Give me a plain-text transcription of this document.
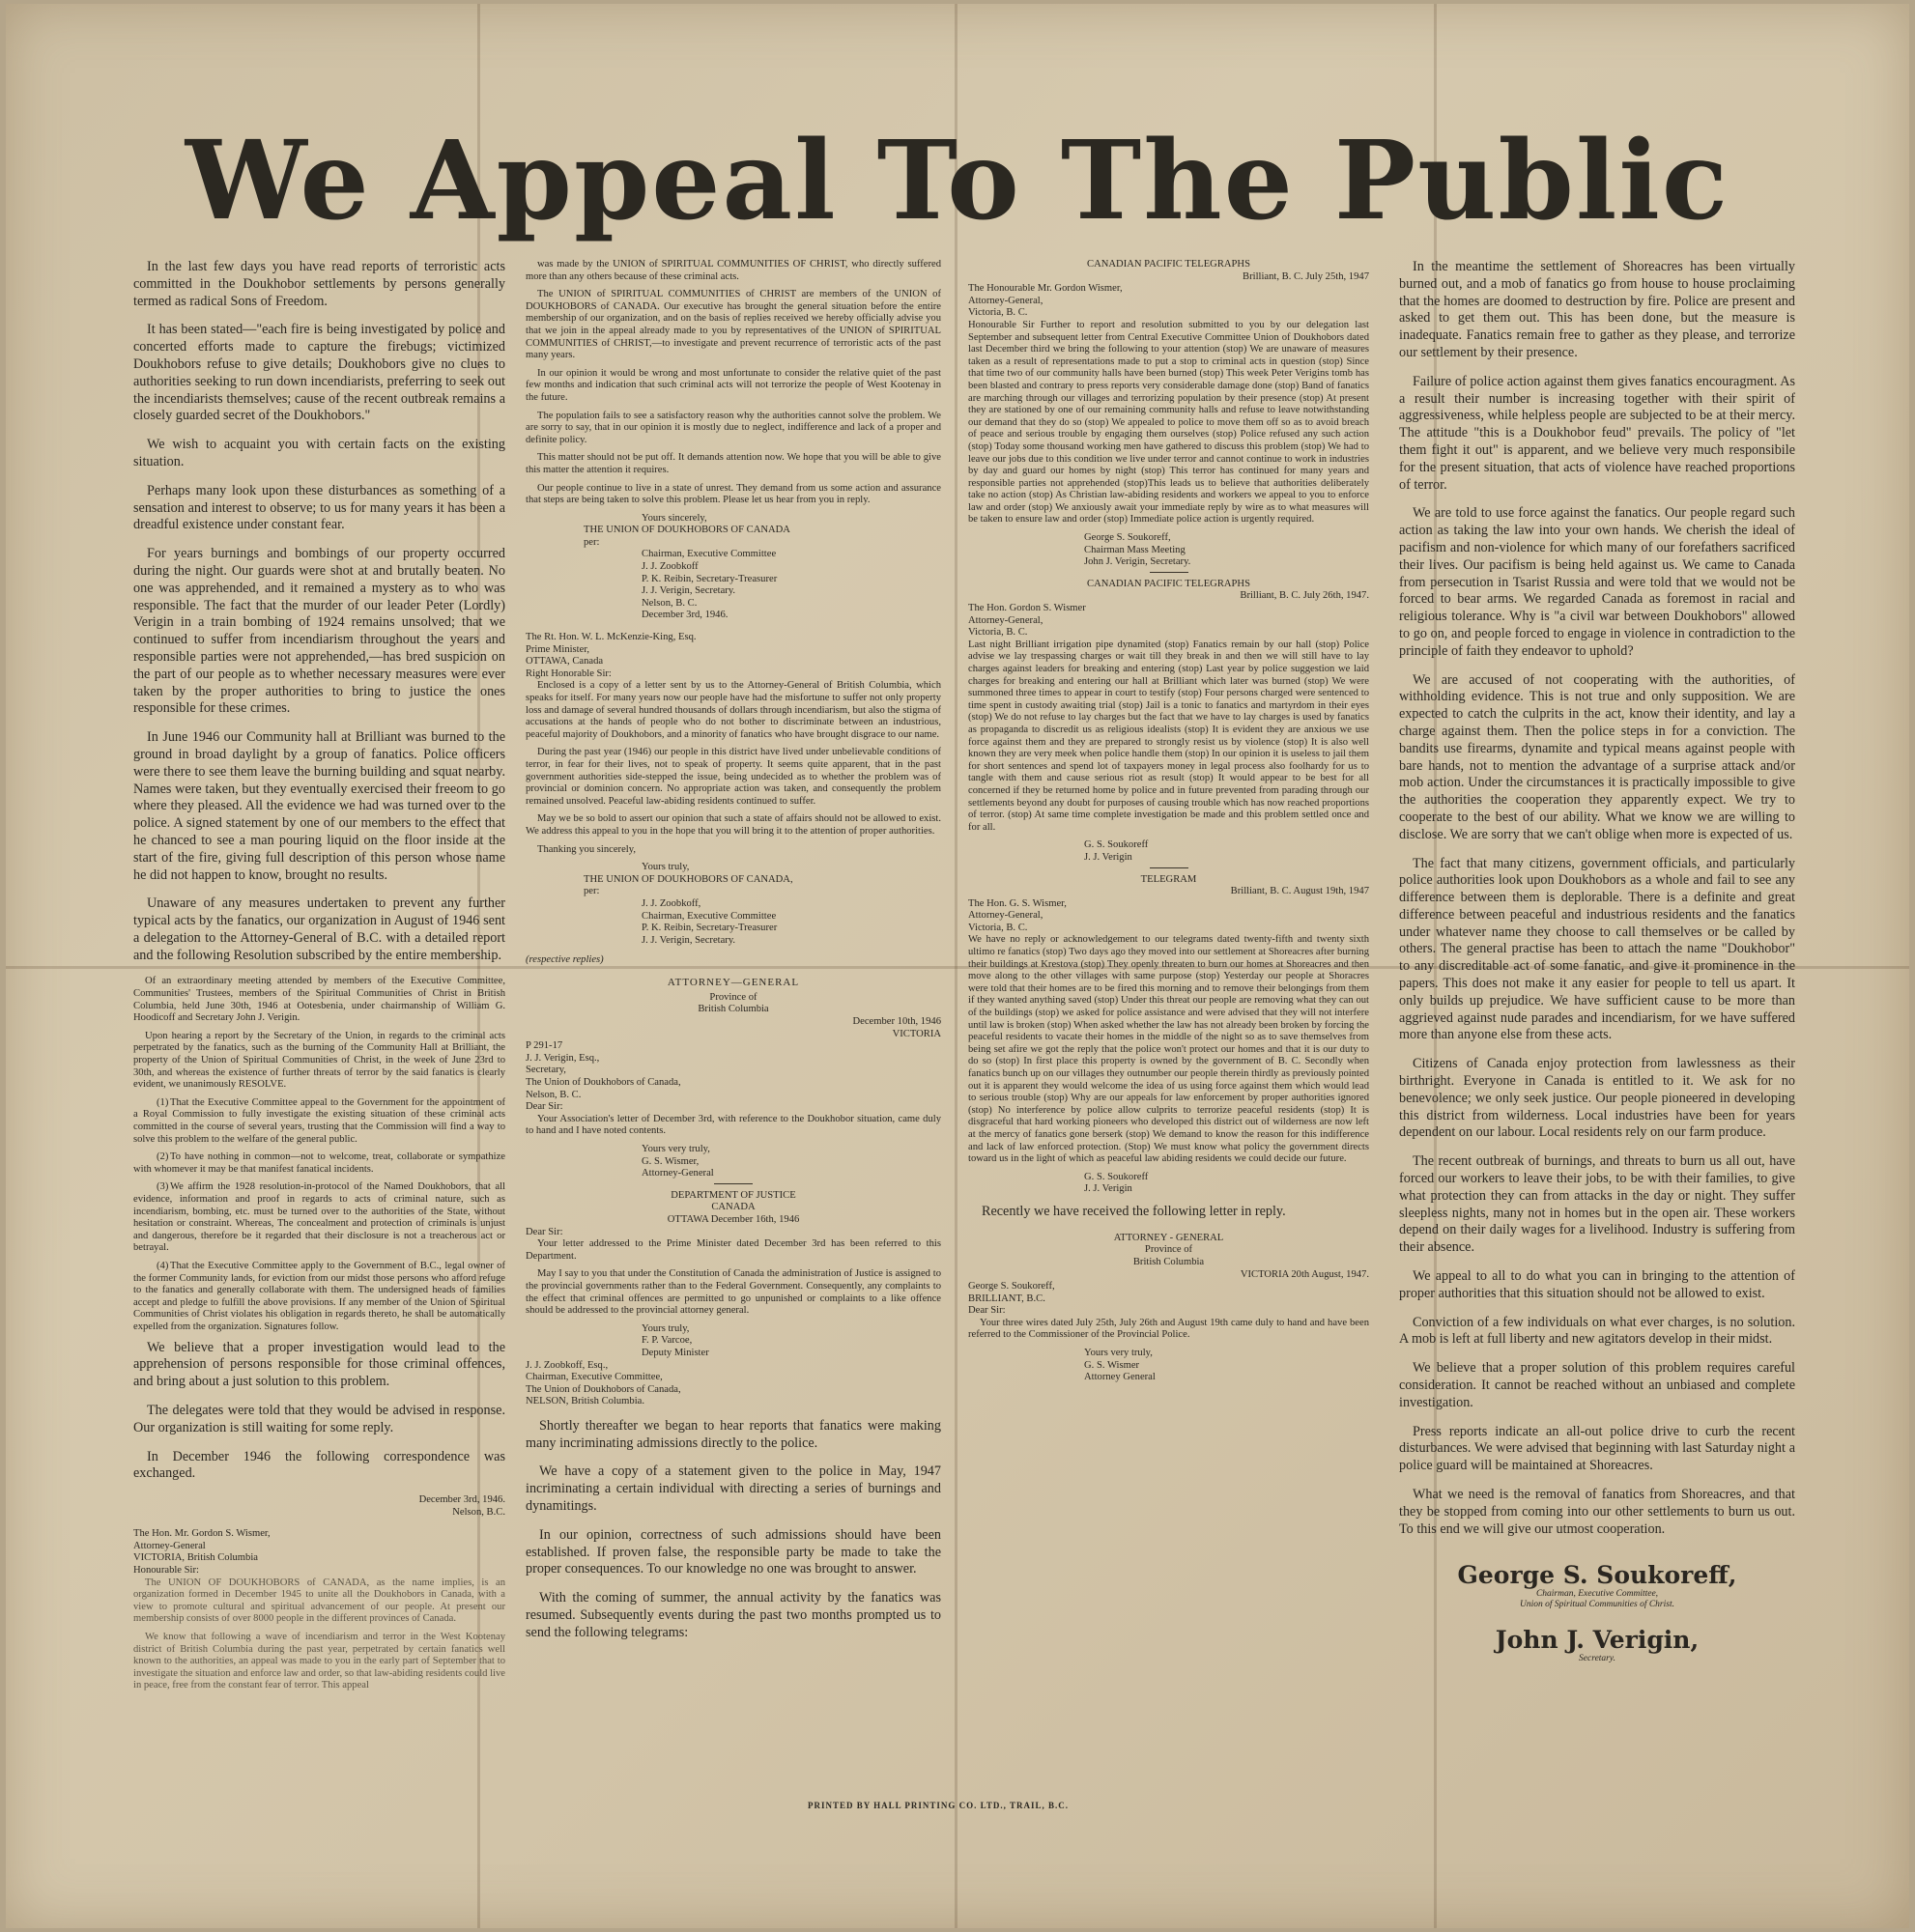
We Appeal To The Public

In the last few days you have read reports of terroristic acts committed in the Doukhobor settlements by persons generally termed as radical Sons of Freedom.

It has been stated—"each fire is being investigated by police and concerted efforts made to capture the firebugs; victimized Doukhobors refuse to give details; Doukhobors give no clues to authorities seeking to run down incendiarists, preferring to seek out the incendiarists themselves; cause of the recent outbreak remains a closely guarded secret of the Doukhobors."

We wish to acquaint you with certain facts on the existing situation.

Perhaps many look upon these disturbances as something of a sensation and interest to observe; to us for many years it has been a dreadful existence under constant fear.

For years burnings and bombings of our property occurred during the night. Our guards were shot at and brutally beaten. No one was apprehended, and it remained a mystery as to who was responsible. The fact that the murder of our leader Peter (Lordly) Verigin in a train bombing of 1924 remains unsolved; that we continued to suffer from incendiarism throughout the years and responsible parties were not apprehended,—has bred suspicion on the part of our people as to whether necessary measures were ever taken by the proper authorities to bring to justice the ones responsible for these crimes.

In June 1946 our Community hall at Brilliant was burned to the ground in broad daylight by a group of fanatics. Police officers were there to see them leave the burning building and squat nearby. Names were taken, but they eventually exercised their freeom to go where they pleased. All the evidence we had was turned over to the police. A signed statement by one of our members to the effect that he chanced to see a man pouring liquid on the floor inside at the start of the fire, giving full description of this person whose name he did not happen to know, brought no results.

Unaware of any measures undertaken to prevent any further typical acts by the fanatics, our organization in August of 1946 sent a delegation to the Attorney-General of B.C. with a detailed report and the following Resolution subscribed by the entire membership.

Of an extraordinary meeting attended by members of the Executive Committee, Communities' Trustees, members of the Spiritual Communities of Christ in British Columbia, held June 30th, 1946 at Ootesbenia, under chairmanship of William G. Hoodicoff and Secretary John J. Verigin.

Upon hearing a report by the Secretary of the Union, in regards to the criminal acts perpetrated by the fanatics, such as the burning of the Community Hall at Brilliant, the property of the Union of Spiritual Communities of Christ, in the week of June 23rd to 30th, and whereas the existence of further threats of terror by the said fanatics is clearly evident, we unanimously RESOLVE.

(1) That the Executive Committee appeal to the Government for the appointment of a Royal Commission to fully investigate the existing situation of these criminal acts committed in the course of several years, trusting that the Commission will find a way to solve this problem to the welfare of the general public.

(2) To have nothing in common—not to welcome, treat, collaborate or sympathize with whomever it may be that manifest fanatical incidents.

(3) We affirm the 1928 resolution-in-protocol of the Named Doukhobors, that all evidence, information and proof in regards to acts of criminal nature, such as incendiarism, bombing, etc. must be turned over to the authorities of the State, without hesitation or constraint. Whereas, The concealment and protection of criminals is unjust and dangerous, therefore be it regarded that their disclosure is not a treacherous act or betrayal.

(4) That the Executive Committee apply to the Government of B.C., legal owner of the former Community lands, for eviction from our midst those persons who afford refuge to the fanatics and generally collaborate with them. The undersigned heads of families accept and pledge to fulfill the above provisions. If any member of the Union of Spiritual Communities of Christ violates his obligation in regards thereto, he shall be automatically expelled from the organization. Signatures follow.

We believe that a proper investigation would lead to the apprehension of persons responsible for those criminal offences, and bring about a just solution to this problem.

The delegates were told that they would be advised in response. Our organization is still waiting for some reply.

In December 1946 the following correspondence was exchanged.

December 3rd, 1946.

Nelson, B.C.

The Hon. Mr. Gordon S. Wismer,

Attorney-General

VICTORIA, British Columbia

Honourable Sir:

The UNION OF DOUKHOBORS of CANADA, as the name implies, is an organization formed in December 1945 to unite all the Doukhobors in Canada, with a view to promote cultural and spiritual advancement of our people. At present our membership consists of over 8000 people in the different provinces of Canada.

We know that following a wave of incendiarism and terror in the West Kootenay district of British Columbia during the past year, perpetrated by certain fanatics well known to the authorities, an appeal was made to you in the early part of September that to investigate the situation and enforce law and order, so that law-abiding residents could live in peace, free from the constant fear of terror. This appeal

was made by the UNION of SPIRITUAL COMMUNITIES OF CHRIST, who directly suffered more than any others because of these criminal acts.

The UNION of SPIRITUAL COMMUNITIES of CHRIST are members of the UNION of DOUKHOBORS of CANADA. Our executive has brought the general situation before the entire membership of our organization, and on the basis of replies received we hereby officially advise you that we join in the appeal already made to you by representatives of the UNION of SPIRITUAL COMMUNITIES of CHRIST,—to investigate and prevent recurrence of terroristic acts of the past many years.

In our opinion it would be wrong and most unfortunate to consider the relative quiet of the past few months and indication that such criminal acts will not terrorize the people of West Kootenay in the future.

The population fails to see a satisfactory reason why the authorities cannot solve the problem. We are sorry to say, that in our opinion it is mostly due to neglect, indifference and lack of a proper and definite policy.

This matter should not be put off. It demands attention now. We hope that you will be able to give this matter the attention it requires.

Our people continue to live in a state of unrest. They demand from us some action and assurance that steps are being taken to solve this problem. Please let us hear from you in reply.

Yours sincerely,

THE UNION OF DOUKHOBORS OF CANADA

per:

Chairman, Executive Committee

J. J. Zoobkoff

P. K. Reibin, Secretary-Treasurer

J. J. Verigin, Secretary.

Nelson, B. C.

December 3rd, 1946.

The Rt. Hon. W. L. McKenzie-King, Esq.

Prime Minister,

OTTAWA, Canada

Right Honorable Sir:

Enclosed is a copy of a letter sent by us to the Attorney-General of British Columbia, which speaks for itself. For many years now our people have had the misfortune to suffer not only property loss and damage of several hundred thousands of dollars through incendiarism, but also the stigma of accusations at the hands of people who do not bother to discriminate between an industrious, peaceful majority of Doukhobors, and a minority of fanatics who have brought disgrace to our name.

During the past year (1946) our people in this district have lived under unbelievable conditions of terror, in fear for their lives, not to speak of property. It seems quite apparent, that in the past government authorities side-stepped the issue, being undecided as to whether the problem was of provincial or dominion concern. No appropriate action was taken, and consequently the problem remained unsolved. Peaceful law-abiding residents continued to suffer.

May we be so bold to assert our opinion that such a state of affairs should not be allowed to exist. We address this appeal to you in the hope that you will bring it to the attention of proper authorities.

Thanking you sincerely,

Yours truly,

THE UNION OF DOUKHOBORS OF CANADA,

per:

J. J. Zoobkoff,

Chairman, Executive Committee

P. K. Reibin, Secretary-Treasurer

J. J. Verigin, Secretary.

(respective replies)

ATTORNEY—GENERAL

Province of

British Columbia

December 10th, 1946

VICTORIA

P 291-17

J. J. Verigin, Esq.,

Secretary,

The Union of Doukhobors of Canada,

Nelson, B. C.

Dear Sir:

Your Association's letter of December 3rd, with reference to the Doukhobor situation, came duly to hand and I have noted contents.

Yours very truly,

G. S. Wismer,

Attorney-General

DEPARTMENT OF JUSTICE

CANADA

OTTAWA December 16th, 1946

Dear Sir:

Your letter addressed to the Prime Minister dated December 3rd has been referred to this Department.

May I say to you that under the Constitution of Canada the administration of Justice is assigned to the provincial governments rather than to the Federal Government. Consequently, any complaints to the effect that criminal offences are permitted to go unpunished or complaints to a like offence should be addressed to the provincial attorney general.

Yours truly,

F. P. Varcoe,

Deputy Minister

J. J. Zoobkoff, Esq.,

Chairman, Executive Committee,

The Union of Doukhobors of Canada,

NELSON, British Columbia.

Shortly thereafter we began to hear reports that fanatics were making many incriminating admissions directly to the police.

We have a copy of a statement given to the police in May, 1947 incriminating a certain individual with directing a series of burnings and dynamitings.

In our opinion, correctness of such admissions should have been established. If proven false, the responsible party be made to take the proper consequences. To our knowledge no one was brought to answer.

With the coming of summer, the annual activity by the fanatics was resumed. Subsequently events during the past two months prompted us to send the following telegrams:

CANADIAN PACIFIC TELEGRAPHS

Brilliant, B. C. July 25th, 1947

The Honourable Mr. Gordon Wismer,

Attorney-General,

Victoria, B. C.

Honourable Sir Further to report and resolution submitted to you by our delegation last September and subsequent letter from Central Executive Committee Union of Doukhobors dated last December third we bring the following to your attention (stop) We are unaware of measures taken as a result of representations made to put a stop to criminal acts in question (stop) Since that time two of our community halls have been burned (stop) This week Peter Verigins tomb has been blasted and contrary to press reports very considerable damage done (stop) Band of fanatics are marching through our villages and terrorizing population by their presence (stop) At present they are stationed by one of our remaining community halls and refuse to leave notwithstanding our demand that they do so (stop) We appealed to police to move them off so as to avoid breach of peace and serious trouble by engaging them ourselves (stop) Police refused any such action (stop) Today some thousand working men have gathered to discuss this problem (stop) We had to leave our jobs due to this condition we live under terror and cannot continue to work in industries by day and guard our homes by night (stop) This terror has continued for many years and responsible parties not apprehended (stop)This leads us to believe that authorities deliberately take no action (stop) As Christian law-abiding residents and workers we appeal to you to enforce law and order (stop) We anxiously await your immediate reply by wire as to what measures will be taken to ensure law and order (stop) Immediate police action is urgently required.

George S. Soukoreff,

Chairman Mass Meeting

John J. Verigin, Secretary.

CANADIAN PACIFIC TELEGRAPHS

Brilliant, B. C. July 26th, 1947.

The Hon. Gordon S. Wismer

Attorney-General,

Victoria, B. C.

Last night Brilliant irrigation pipe dynamited (stop) Fanatics remain by our hall (stop) Police advise we lay trespassing charges or wait till they break in and then we will still have to lay charges against leaders for breaking and entering (stop) Last year by police suggestion we laid charges for breaking and entering our hall at Brilliant which later was burned (stop) We were summoned three times to appear in court to testify (stop) Four persons charged were sentenced to time spent in custody awaiting trial (stop) Jail is a tonic to fanatics and martyrdom in their eyes (stop) We do not refuse to lay charges but the fact that we have to lay charges is used by fanatics as propaganda to discredit us as religious idealists (stop) It is evident they are anxious we use force against them and they are prepared to strongly resist us by violence (stop) It is also well known they are very meek when police handle them (stop) In our opinion it is useless to jail them for short sentences and spend lot of taxpayers money in legal process also foolhardy for us to tangle with them and cause serious riot as result (stop) It would appear to be best for all concerned if they be returned home by police and in future prevented from parading through our settlements beyond any doubt for purposes of causing trouble which has now reached proportions of terror. (stop) At same time complete investigation be made and this problem settled once and for all.

G. S. Soukoreff

J. J. Verigin

TELEGRAM

Brilliant, B. C. August 19th, 1947

The Hon. G. S. Wismer,

Attorney-General,

Victoria, B. C.

We have no reply or acknowledgement to our telegrams dated twenty-fifth and twenty sixth ultimo re fanatics (stop) Two days ago they moved into our settlement at Shoreacres after burning their buildings at Krestova (stop) They openly threaten to burn our homes at Shoreacres and then move along to the other villages with same purpose (stop) Yesterday our people at Shoracres were told that their homes are to be fired this morning and to remove their belongings from them if they wanted anything saved (stop) Under this threat our people are removing what they can out of the buildings (stop) we asked for police assistance and were advised that they will not interfere until law is broken (stop) When asked whether the law has not already been broken by forcing the peaceful residents to vacate their homes in the middle of the night so as to save themselves from being set afire we got the reply that the police won't protect our homes and that it is our duty to do so (stop) In first place this property is owned by the government of B. C. Secondly when fanatics bunch up on our villages they outnumber our people therein thirdly as previously pointed out it is apparent they would welcome the idea of us using force against them which would lead to serious trouble (stop) Why are our appeals for law enforcement by proper authorities ignored (stop) No interference by police allow culprits to terrorize peaceful residents (stop) It is disgraceful that hard working pioneers who developed this district out of wilderness are now left at the mercy of fanatics gone berserk (stop) We demand to know the reason for this indifference and lack of law enforced protection. (Stop) We must know what policy the government directs toward us in the light of which as peaceful law abiding residents we could decide our future.

G. S. Soukoreff

J. J. Verigin

Recently we have received the following letter in reply.

ATTORNEY - GENERAL

Province of

British Columbia

VICTORIA 20th August, 1947.

George S. Soukoreff,

BRILLIANT, B.C.

Dear Sir:

Your three wires dated July 25th, July 26th and August 19th came duly to hand and have been referred to the Commissioner of the Provincial Police.

Yours very truly,

G. S. Wismer

Attorney General

In the meantime the settlement of Shoreacres has been virtually burned out, and a mob of fanatics go from house to house proclaiming that the homes are doomed to destruction by fire. Police are present and asked to get them out. This has been done, but the measure is inadequate. Fanatics remain free to gather as they please, and terrorize our settlement by their presence.

Failure of police action against them gives fanatics encouragment. As a result their number is increasing together with their spirit of aggressiveness, while helpless people are subjected to be at their mercy. The attitude "this is a Doukhobor feud" prevails. The policy of "let them fight it out" is apparent, and we believe very much responsibile for the present situation, that acts of violence have reached proportions of terror.

We are told to use force against the fanatics. Our people regard such action as taking the law into your own hands. We cherish the ideal of pacifism and non-violence for which many of our forefathers sacrificed their lives. Our pacifism is being held against us. We came to Canada from persecution in Tsarist Russia and were told that we would not be forced to bear arms. We regarded Canada as foremost in racial and religious tolerance. Why is "a civil war between Doukhobors" allowed to go on, and people forced to engage in violence in contradiction to the principle of faith they endeavor to uphold?

We are accused of not cooperating with the authorities, of withholding evidence. This is not true and only supposition. We are expected to catch the culprits in the act, know their identity, and lay a charge against them. Then the police steps in for a conviction. The bandits use firearms, dynamite and typical means against people with bare hands, not to mention the advantage of a surprise attack and/or mob action. Under the circumstances it is practically impossible to give the authorities the cooperation they apparently expect. We try to cooperate to the best of our ability. What we know we are willing to disclose. We are sorry that we can't oblige when more is expected of us.

The fact that many citizens, government officials, and particularly police authorities look upon Doukhobors as a whole and fail to see any difference between them is deplorable. There is a definite and great difference between peaceful and industrious residents and the fanatics under whatever name they choose to call themselves or be called by others. The general practise has been to attach the name "Doukhobor" to any discreditable act of some fanatic, and give it prominence in the papers. This does not make it any easier for people to tell us apart. It only builds up prejudice. We have sufficient cause to be more than aggrieved against nude parades and incendiarism, for we have suffered more than anyone else from these acts.

Citizens of Canada enjoy protection from lawlessness as their birthright. Everyone in Canada is entitled to it. We ask for no benevolence; we only seek justice. Our people pioneered in developing this district from wilderness. Local industries have been for years dependent on our labour. Local residents rely on our farm produce.

The recent outbreak of burnings, and threats to burn us all out, have forced our workers to leave their jobs, to be with their families, to give what protection they can from attacks in the day or night. They suffer sleepless nights, many not in homes but in the open air. These workers depend on their daily wages for a livelihood. Industry is suffering from their absence.

We appeal to all to do what you can in bringing to the attention of proper authorities that this situation should not be allowed to exist.

Conviction of a few individuals on what ever charges, is no solution. A mob is left at full liberty and new agitators develop in their midst.

We believe that a proper solution of this problem requires careful consideration. It cannot be reached without an unbiased and complete investigation.

Press reports indicate an all-out police drive to curb the recent disturbances. We were advised that beginning with last Saturday night a police guard will be maintained at Shoreacres.

What we need is the removal of fanatics from Shoreacres, and that they be stopped from coming into our other settlements to burn us out. To this end we will give our utmost cooperation.

George S. Soukoreff,
Chairman, Executive Committee,
Union of Spiritual Communities of Christ.
John J. Verigin,
Secretary.
PRINTED BY HALL PRINTING CO. LTD., TRAIL, B.C.
